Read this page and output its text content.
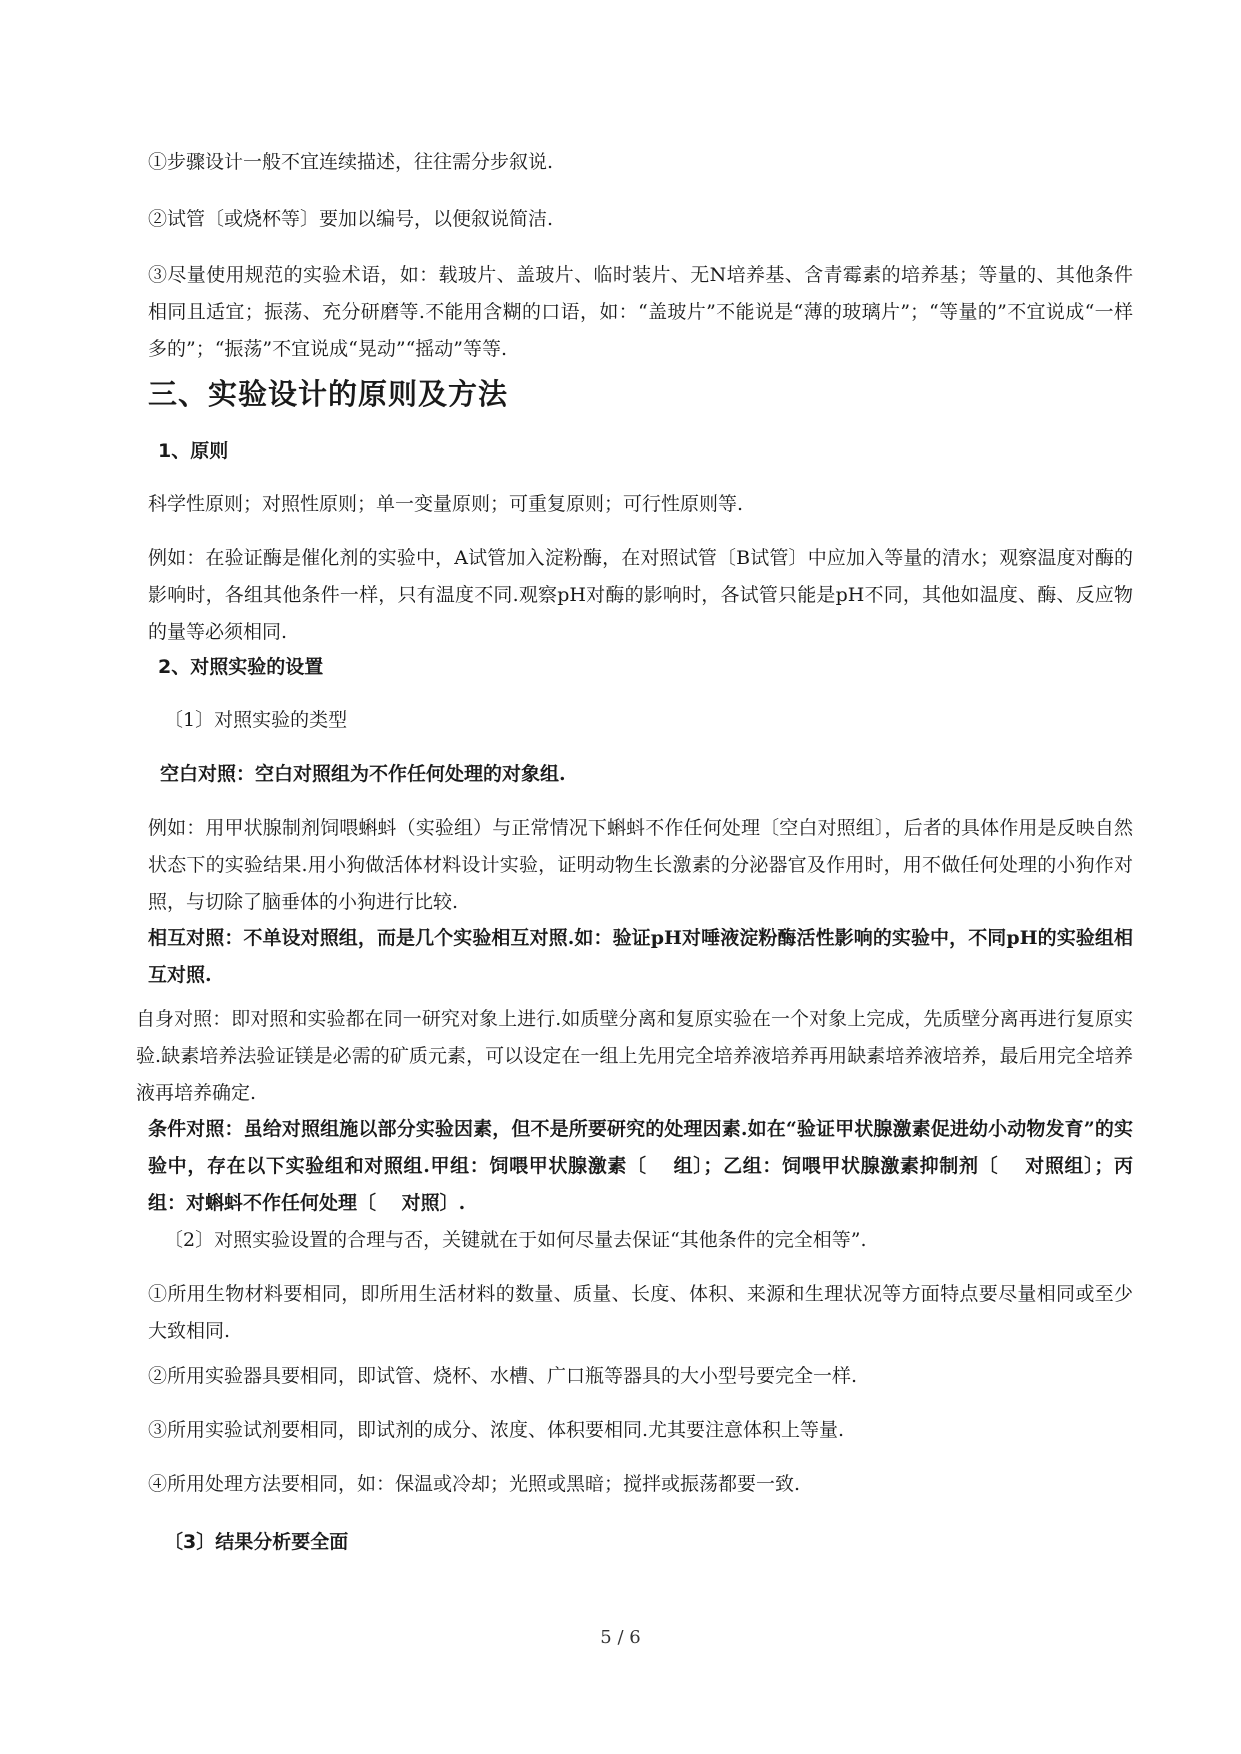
①步骤设计一般不宜连续描述，往往需分步叙说.

②试管〔或烧杯等〕要加以编号，以便叙说简洁.

③尽量使用规范的实验术语，如：载玻片、盖玻片、临时装片、无N培养基、含青霉素的培养基；等量的、其他条件相同且适宜；振荡、充分研磨等.不能用含糊的口语，如：“盖玻片”不能说是“薄的玻璃片”；“等量的”不宜说成“一样多的”；“振荡”不宜说成“晃动”“摇动”等等.

三、实验设计的原则及方法
1、原则

科学性原则；对照性原则；单一变量原则；可重复原则；可行性原则等.

例如：在验证酶是催化剂的实验中，A试管加入淀粉酶，在对照试管〔B试管〕中应加入等量的清水；观察温度对酶的影响时，各组其他条件一样，只有温度不同.观察pH对酶的影响时，各试管只能是pH不同，其他如温度、酶、反应物的量等必须相同.

2、对照实验的设置

〔1〕对照实验的类型

空白对照：空白对照组为不作任何处理的对象组.

例如：用甲状腺制剂饲喂蝌蚪（实验组）与正常情况下蝌蚪不作任何处理〔空白对照组〕，后者的具体作用是反映自然状态下的实验结果.用小狗做活体材料设计实验，证明动物生长激素的分泌器官及作用时，用不做任何处理的小狗作对照，与切除了脑垂体的小狗进行比较.

相互对照：不单设对照组，而是几个实验相互对照.如：验证pH对唾液淀粉酶活性影响的实验中，不同pH的实验组相互对照.

自身对照：即对照和实验都在同一研究对象上进行.如质壁分离和复原实验在一个对象上完成，先质壁分离再进行复原实验.缺素培养法验证镁是必需的矿质元素，可以设定在一组上先用完全培养液培养再用缺素培养液培养，最后用完全培养液再培养确定.

条件对照：虽给对照组施以部分实验因素，但不是所要研究的处理因素.如在“验证甲状腺激素促进幼小动物发育”的实验中，存在以下实验组和对照组.甲组：饲喂甲状腺激素〔　 组〕；乙组：饲喂甲状腺激素抑制剂〔　 对照组〕；丙组：对蝌蚪不作任何处理〔　 对照〕.

〔2〕对照实验设置的合理与否，关键就在于如何尽量去保证“其他条件的完全相等”.

①所用生物材料要相同，即所用生活材料的数量、质量、长度、体积、来源和生理状况等方面特点要尽量相同或至少大致相同.

②所用实验器具要相同，即试管、烧杯、水槽、广口瓶等器具的大小型号要完全一样.

③所用实验试剂要相同，即试剂的成分、浓度、体积要相同.尤其要注意体积上等量.

④所用处理方法要相同，如：保温或冷却；光照或黑暗；搅拌或振荡都要一致.

〔3〕结果分析要全面
5 / 6
